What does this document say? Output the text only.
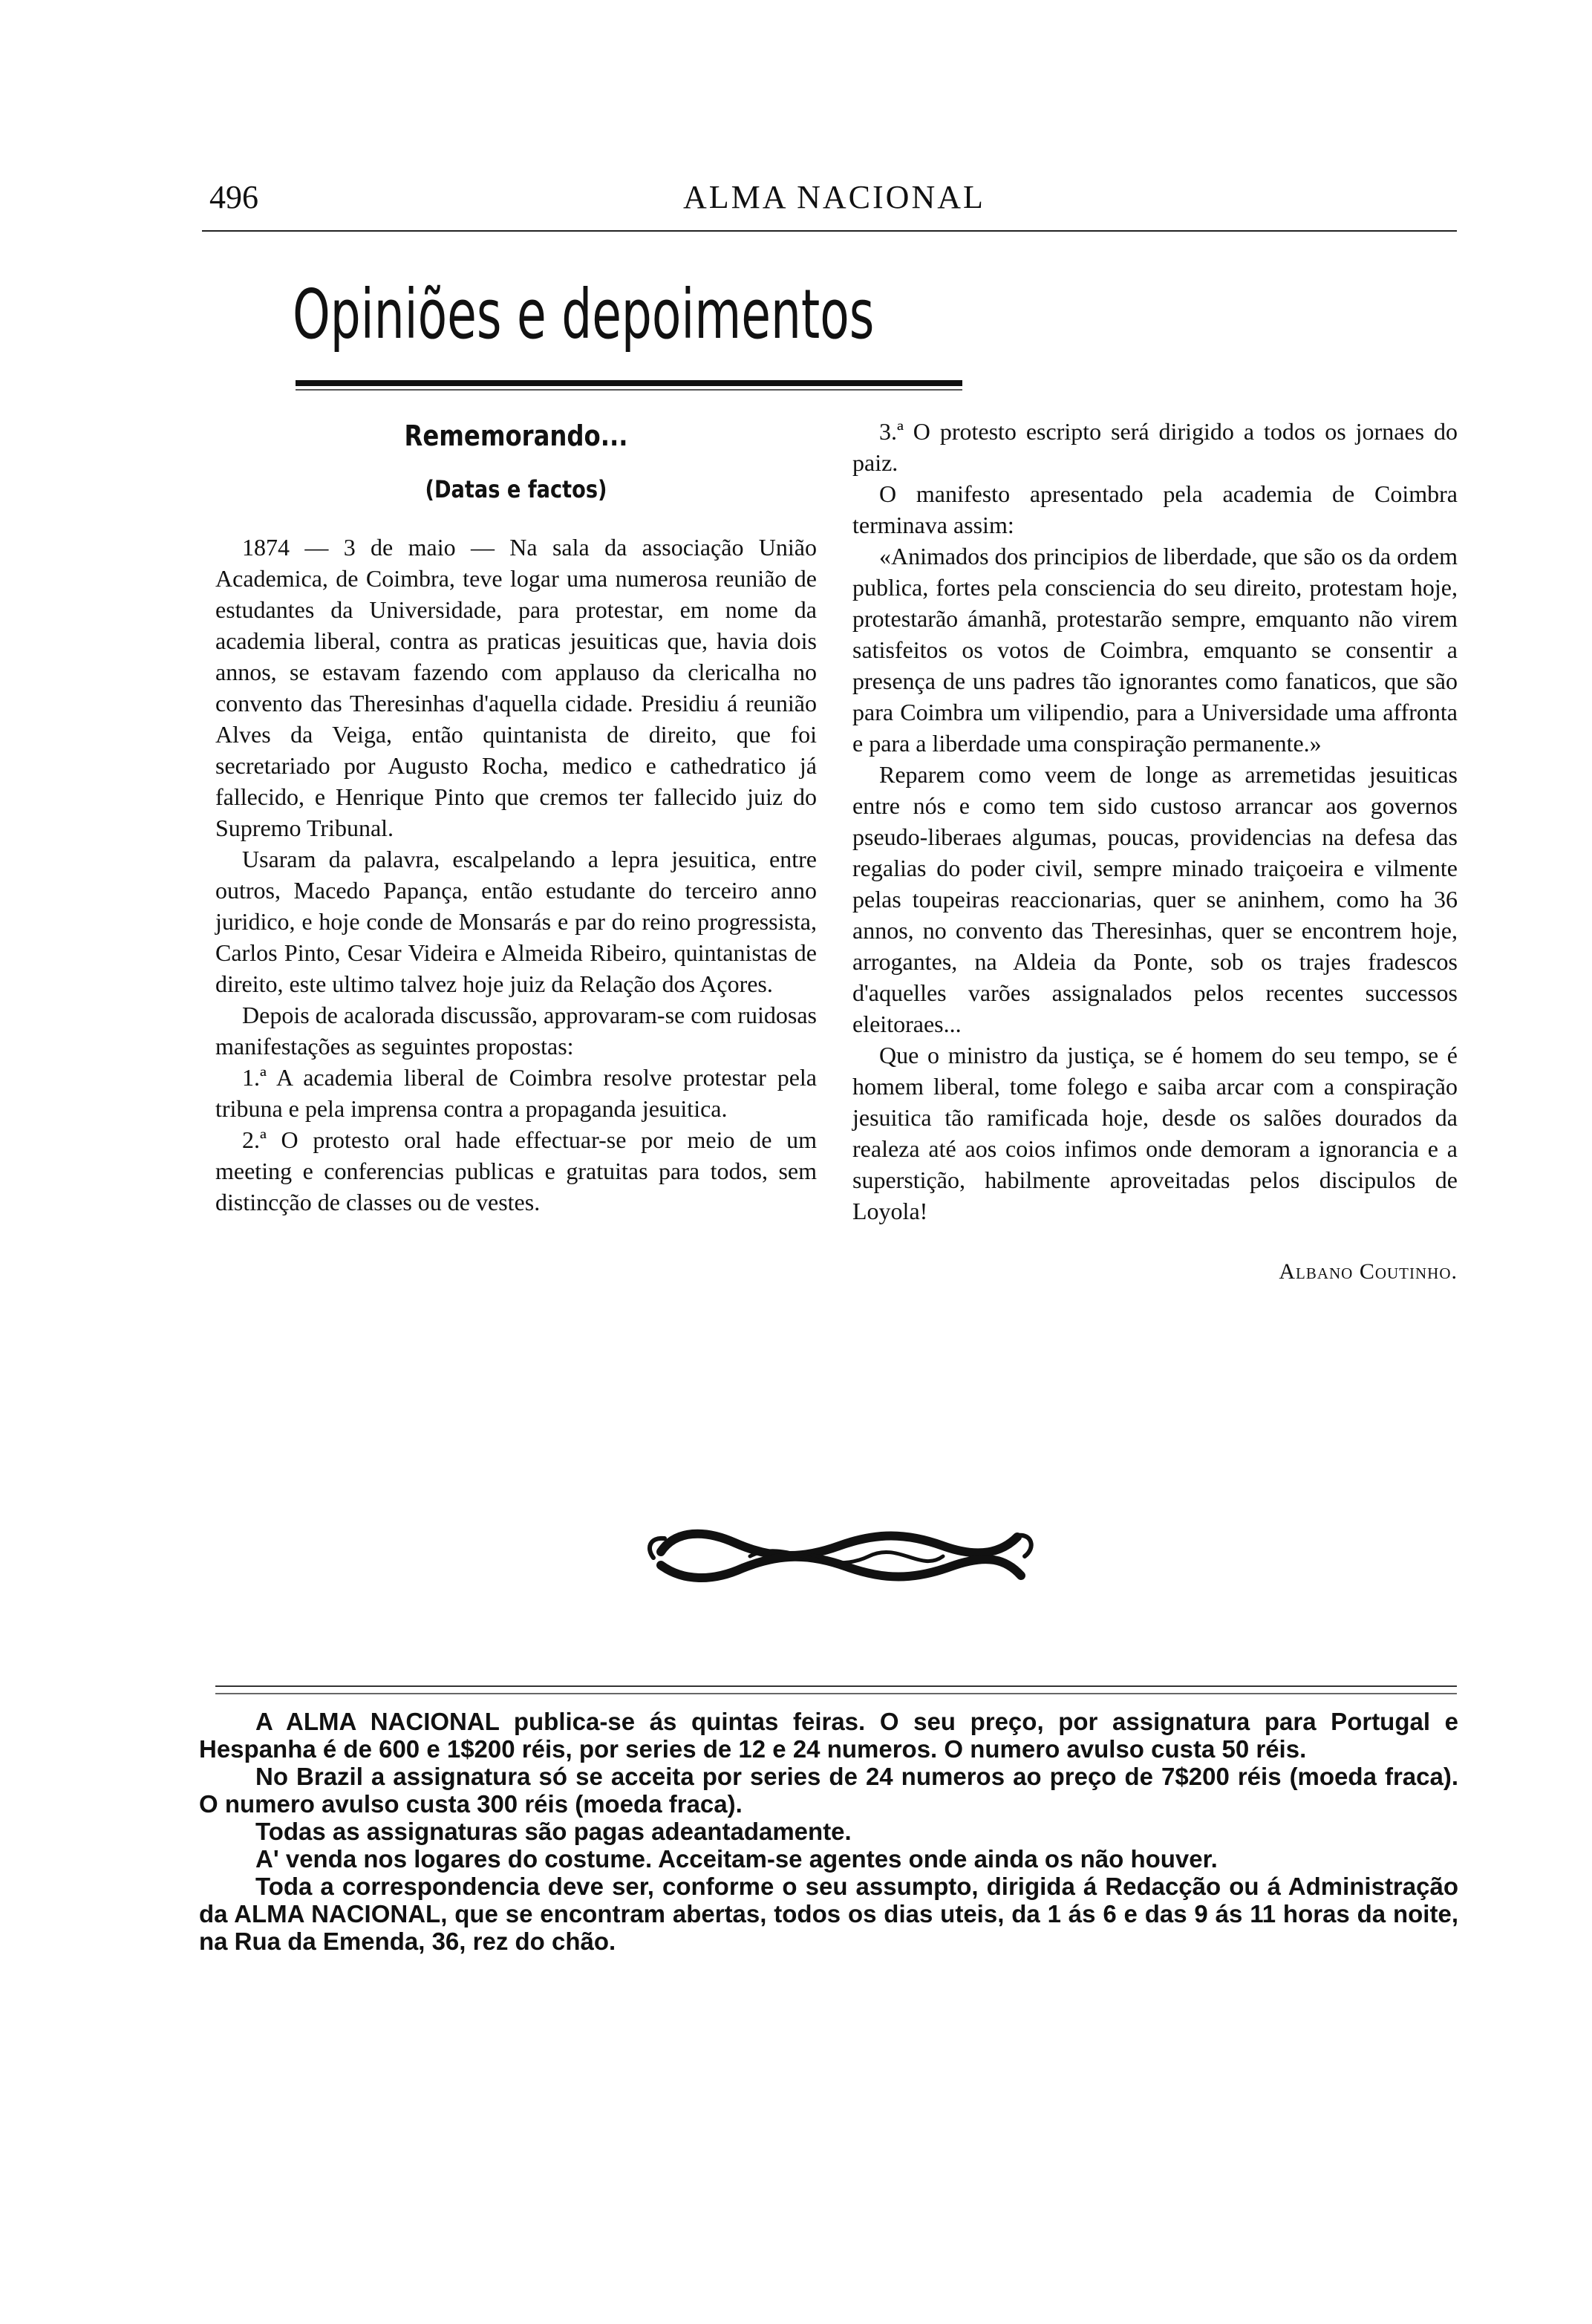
496	ALMA NACIONAL
Opiniões e depoimentos
Rememorando...
(Datas e factos)

1874 — 3 de maio — Na sala da associação União Academica, de Coimbra, teve logar uma numerosa reunião de estudantes da Universidade, para protestar, em nome da academia liberal, contra as praticas jesuiticas que, havia dois annos, se estavam fazendo com applauso da clericalha no convento das Theresinhas d'aquella cidade. Presidiu á reunião Alves da Veiga, então quintanista de direito, que foi secretariado por Augusto Rocha, medico e cathedratico já fallecido, e Henrique Pinto que cremos ter fallecido juiz do Supremo Tribunal.

Usaram da palavra, escalpelando a lepra jesuitica, entre outros, Macedo Papança, então estudante do terceiro anno juridico, e hoje conde de Monsarás e par do reino progressista, Carlos Pinto, Cesar Videira e Almeida Ribeiro, quintanistas de direito, este ultimo talvez hoje juiz da Relação dos Açores.

Depois de acalorada discussão, approvaram-se com ruidosas manifestações as seguintes propostas:

1.ª A academia liberal de Coimbra resolve protestar pela tribuna e pela imprensa contra a propaganda jesuitica.

2.ª O protesto oral hade effectuar-se por meio de um meeting e conferencias publicas e gratuitas para todos, sem distincção de classes ou de vestes.

3.ª O protesto escripto será dirigido a todos os jornaes do paiz.

O manifesto apresentado pela academia de Coimbra terminava assim:

«Animados dos principios de liberdade, que são os da ordem publica, fortes pela consciencia do seu direito, protestam hoje, protestarão ámanhã, protestarão sempre, emquanto não virem satisfeitos os votos de Coimbra, emquanto se consentir a presença de uns padres tão ignorantes como fanaticos, que são para Coimbra um vilipendio, para a Universidade uma affronta e para a liberdade uma conspiração permanente.»

Reparem como veem de longe as arremetidas jesuiticas entre nós e como tem sido custoso arrancar aos governos pseudo-liberaes algumas, poucas, providencias na defesa das regalias do poder civil, sempre minado traiçoeira e vilmente pelas toupeiras reaccionarias, quer se aninhem, como ha 36 annos, no convento das Theresinhas, quer se encontrem hoje, arrogantes, na Aldeia da Ponte, sob os trajes fradescos d'aquelles varões assignalados pelos recentes successos eleitoraes...

Que o ministro da justiça, se é homem do seu tempo, se é homem liberal, tome folego e saiba arcar com a conspiração jesuitica tão ramificada hoje, desde os salões dourados da realeza até aos coios infimos onde demoram a ignorancia e a superstição, habilmente aproveitadas pelos discipulos de Loyola!

Albano Coutinho.

A ALMA NACIONAL publica-se ás quintas feiras. O seu preço, por assignatura para Portugal e Hespanha é de 600 e 1$200 réis, por series de 12 e 24 numeros. O numero avulso custa 50 réis.

No Brazil a assignatura só se acceita por series de 24 numeros ao preço de 7$200 réis (moeda fraca). O numero avulso custa 300 réis (moeda fraca).

Todas as assignaturas são pagas adeantadamente.

A' venda nos logares do costume. Acceitam-se agentes onde ainda os não houver.

Toda a correspondencia deve ser, conforme o seu assumpto, dirigida á Redacção ou á Administração da ALMA NACIONAL, que se encontram abertas, todos os dias uteis, da 1 ás 6 e das 9 ás 11 horas da noite, na Rua da Emenda, 36, rez do chão.
